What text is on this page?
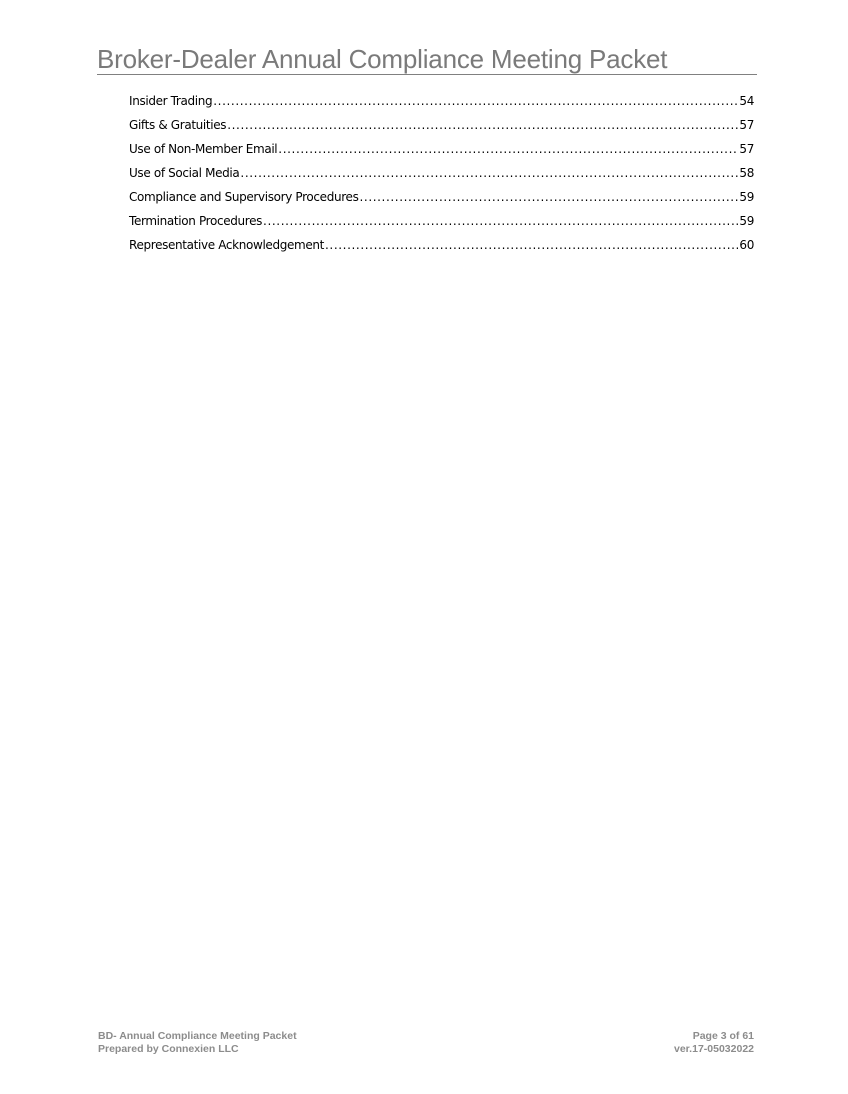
Broker-Dealer Annual Compliance Meeting Packet
Insider Trading .....	54
Gifts & Gratuities .....	57
Use of Non-Member Email .....	57
Use of Social Media .....	58
Compliance and Supervisory Procedures .....	59
Termination Procedures .....	59
Representative Acknowledgement .....	60
BD- Annual Compliance Meeting Packet
Prepared by Connexien LLC
Page 3 of 61
ver.17-05032022
